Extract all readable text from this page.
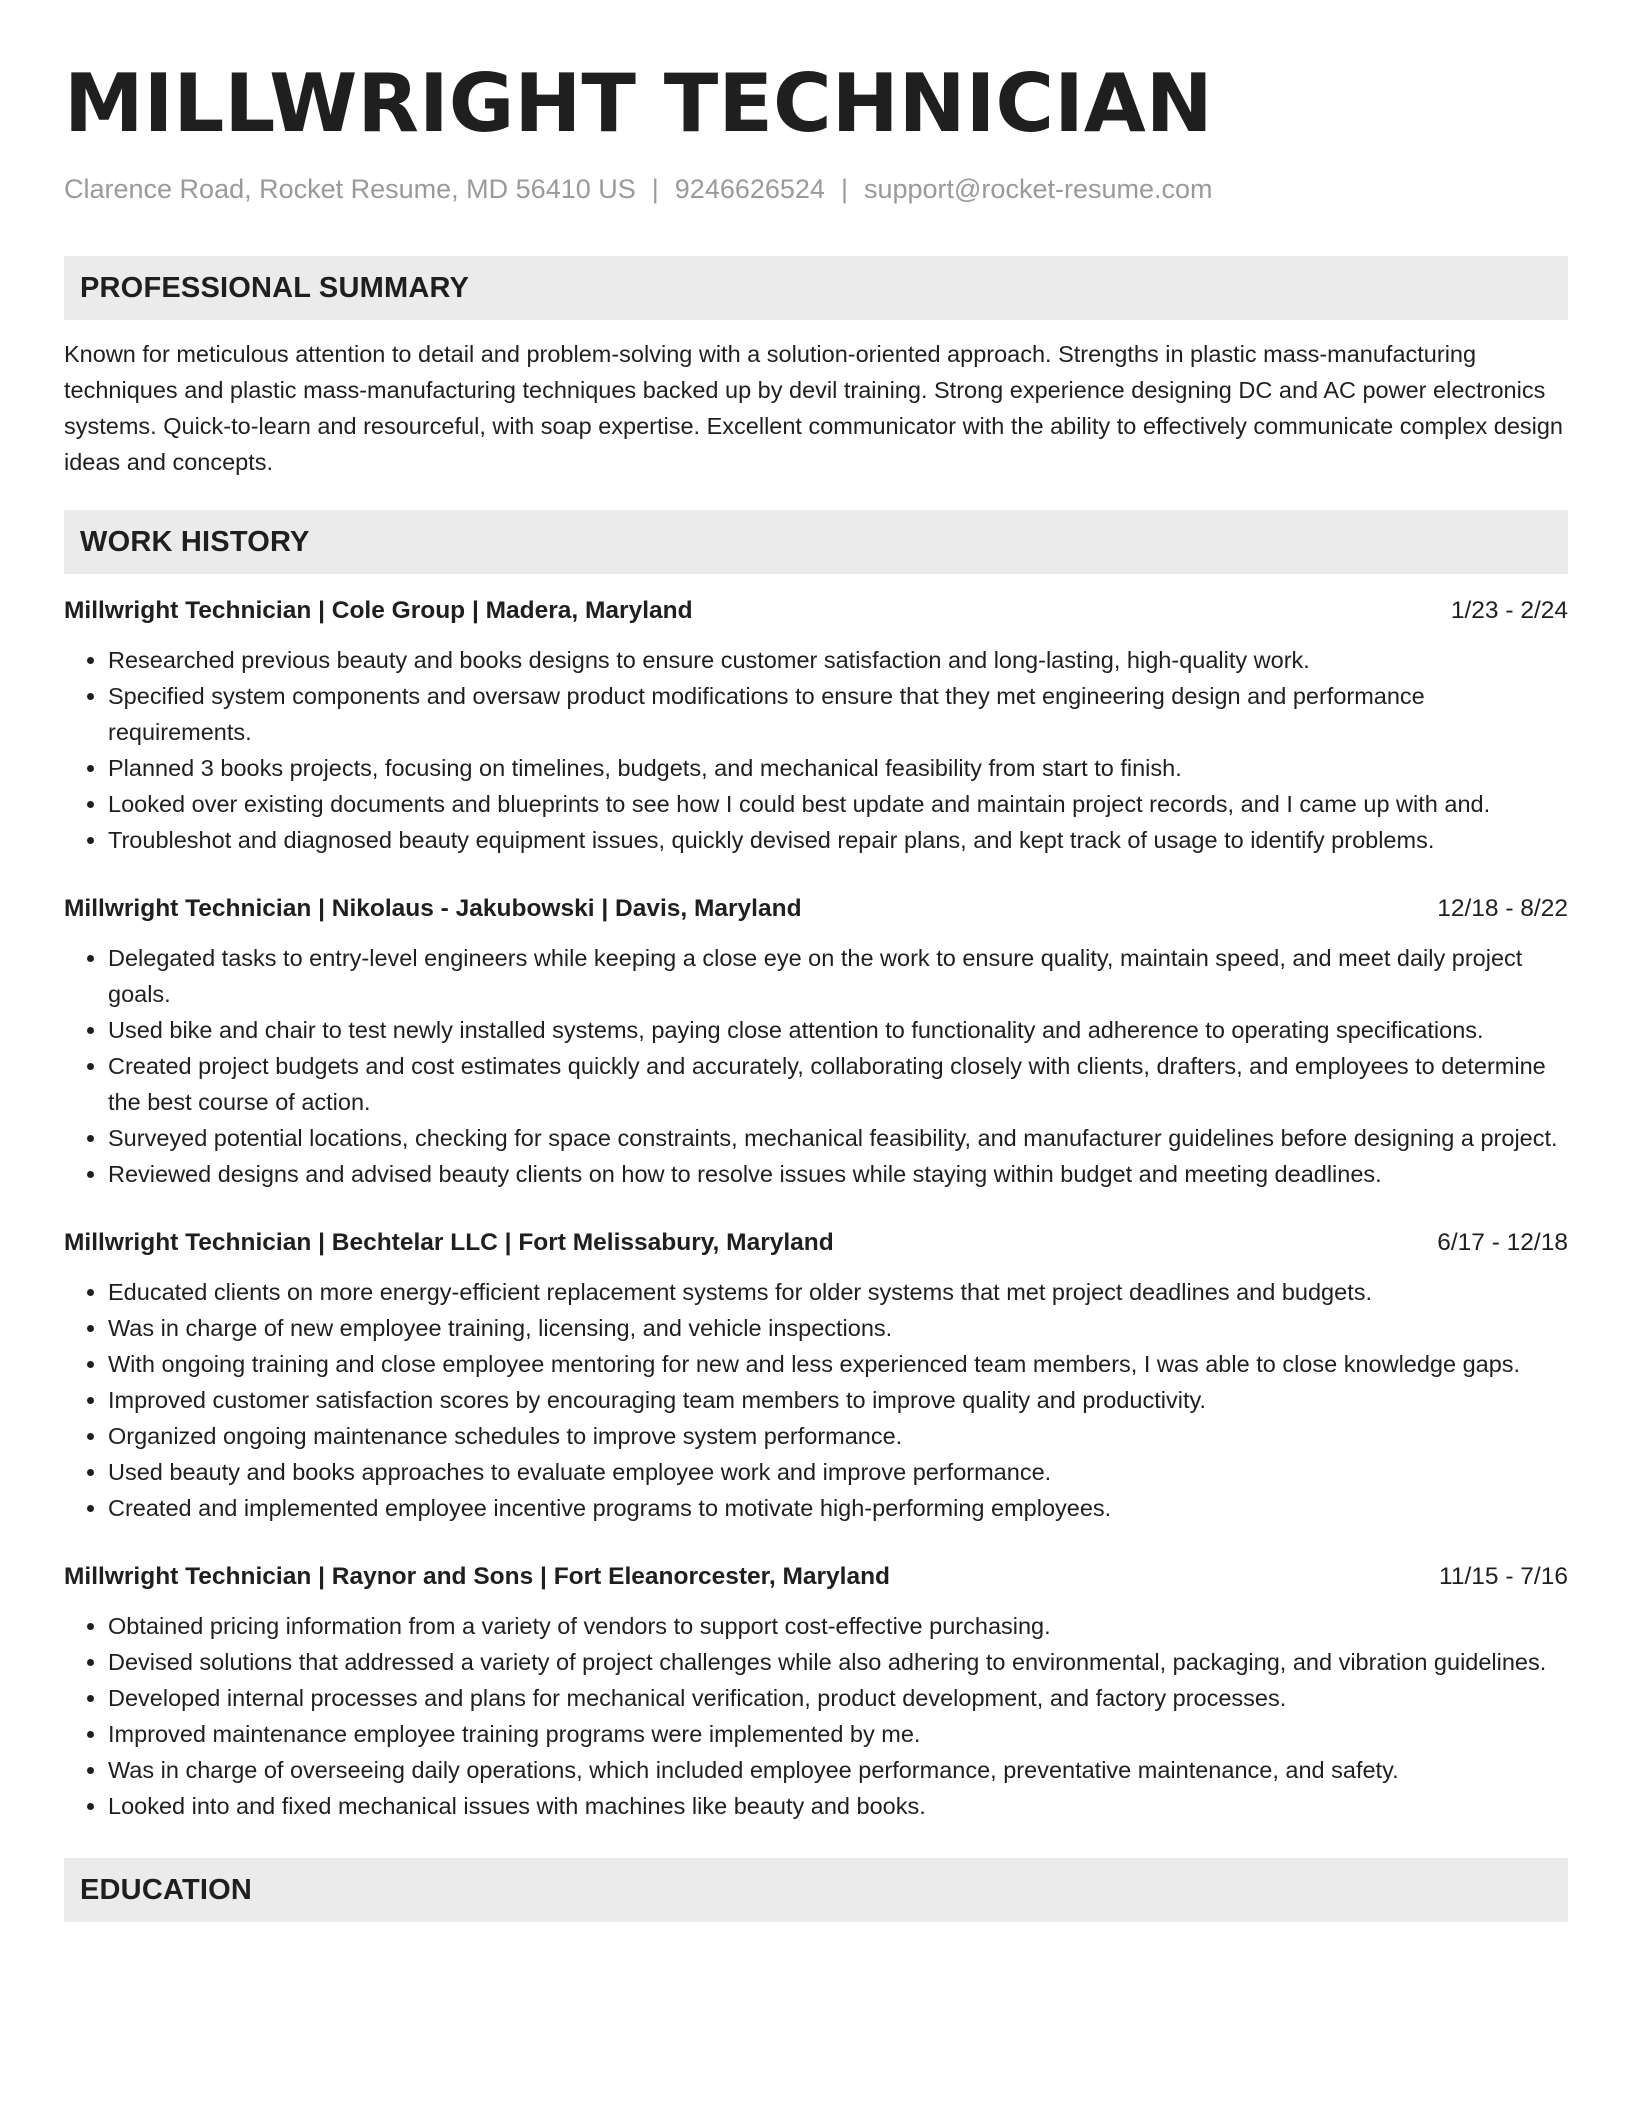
MILLWRIGHT TECHNICIAN
Clarence Road, Rocket Resume, MD 56410 US | 9246626524 | support@rocket-resume.com
PROFESSIONAL SUMMARY

Known for meticulous attention to detail and problem-solving with a solution-oriented approach. Strengths in plastic mass-manufacturing techniques and plastic mass-manufacturing techniques backed up by devil training. Strong experience designing DC and AC power electronics systems. Quick-to-learn and resourceful, with soap expertise. Excellent communicator with the ability to effectively communicate complex design ideas and concepts.

WORK HISTORY
Millwright Technician | Cole Group | Madera, Maryland	1/23 - 2/24
• Researched previous beauty and books designs to ensure customer satisfaction and long-lasting, high-quality work.
• Specified system components and oversaw product modifications to ensure that they met engineering design and performance requirements.
• Planned 3 books projects, focusing on timelines, budgets, and mechanical feasibility from start to finish.
• Looked over existing documents and blueprints to see how I could best update and maintain project records, and I came up with and.
• Troubleshot and diagnosed beauty equipment issues, quickly devised repair plans, and kept track of usage to identify problems.
Millwright Technician | Nikolaus - Jakubowski | Davis, Maryland	12/18 - 8/22
• Delegated tasks to entry-level engineers while keeping a close eye on the work to ensure quality, maintain speed, and meet daily project goals.
• Used bike and chair to test newly installed systems, paying close attention to functionality and adherence to operating specifications.
• Created project budgets and cost estimates quickly and accurately, collaborating closely with clients, drafters, and employees to determine the best course of action.
• Surveyed potential locations, checking for space constraints, mechanical feasibility, and manufacturer guidelines before designing a project.
• Reviewed designs and advised beauty clients on how to resolve issues while staying within budget and meeting deadlines.
Millwright Technician | Bechtelar LLC | Fort Melissabury, Maryland	6/17 - 12/18
• Educated clients on more energy-efficient replacement systems for older systems that met project deadlines and budgets.
• Was in charge of new employee training, licensing, and vehicle inspections.
• With ongoing training and close employee mentoring for new and less experienced team members, I was able to close knowledge gaps.
• Improved customer satisfaction scores by encouraging team members to improve quality and productivity.
• Organized ongoing maintenance schedules to improve system performance.
• Used beauty and books approaches to evaluate employee work and improve performance.
• Created and implemented employee incentive programs to motivate high-performing employees.
Millwright Technician | Raynor and Sons | Fort Eleanorcester, Maryland	11/15 - 7/16
• Obtained pricing information from a variety of vendors to support cost-effective purchasing.
• Devised solutions that addressed a variety of project challenges while also adhering to environmental, packaging, and vibration guidelines.
• Developed internal processes and plans for mechanical verification, product development, and factory processes.
• Improved maintenance employee training programs were implemented by me.
• Was in charge of overseeing daily operations, which included employee performance, preventative maintenance, and safety.
• Looked into and fixed mechanical issues with machines like beauty and books.
EDUCATION
